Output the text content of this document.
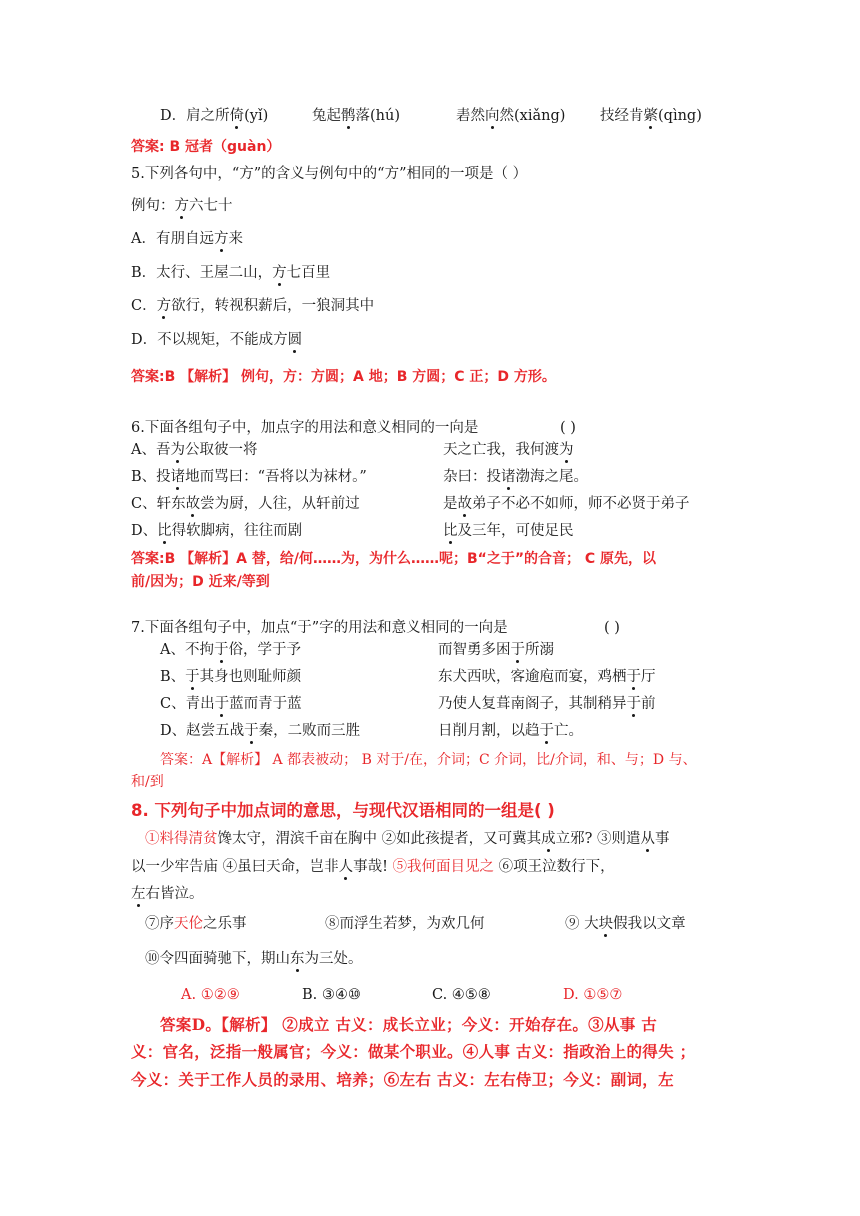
D．肩之所倚(yǐ)	兔起鹘落(hú)	砉然向然(xiǎng) 技经肯綮(qìng)
答案: B 冠者（guàn）
5.下列各句中，“方”的含义与例句中的“方”相同的一项是（ ）
例句：方六七十
A．有朋自远方来
B．太行、王屋二山，方七百里
C．方欲行，转视积薪后，一狼洞其中
D．不以规矩，不能成方圆
答案:B 【解析】 例句，方：方圆；A 地；B 方圆；C 正；D 方形。
6.下面各组句子中，加点字的用法和意义相同的一向是	( )
A、吾为公取彼一将	天之亡我，我何渡为
B、投诸地而骂曰：“吾将以为袜材。”	杂曰：投诸渤海之尾。
C、轩东故尝为厨，人往，从轩前过	是故弟子不必不如师，师不必贤于弟子
D、比得软脚病，往往而剧	比及三年，可使足民
答案:B 【解析】A 替，给/何……为，为什么……呢；B“之于”的合音； C 原先，以
前/因为；D 近来/等到
7.下面各组句子中，加点“于”字的用法和意义相同的一向是	( )
A、不拘于俗，学于予	而智勇多困于所溺
B、于其身也则耻师颜	东犬西吠，客逾庖而宴，鸡栖于厅
C、青出于蓝而青于蓝	乃使人复葺南阁子，其制稍异于前
D、赵尝五战于秦，二败而三胜	日削月割，以趋于亡。
答案：A【解析】 A 都表被动； B 对于/在，介词；C 介词，比/介词，和、与；D 与、
和/到
8. 下列句子中加点词的意思，与现代汉语相同的一组是( )
①料得清贫馋太守，渭滨千亩在胸中 ②如此孩提者，又可冀其成立邪? ③则遣从事
以一少牢告庙 ④虽曰天命，岂非人事哉! ⑤我何面目见之 ⑥项王泣数行下，
左右皆泣。
⑦序天伦之乐事	⑧而浮生若梦，为欢几何	⑨ 大块假我以文章
⑩令四面骑驰下，期山东为三处。
A. ①②⑨	B. ③④⑩	C. ④⑤⑧	D. ①⑤⑦
答案D。【解析】 ②成立 古义：成长立业；今义：开始存在。③从事 古
义：官名，泛指一般属官；今义：做某个职业。④人事 古义：指政治上的得失 ；
今义：关于工作人员的录用、培养；⑥左右 古义：左右侍卫；今义：副词，左
